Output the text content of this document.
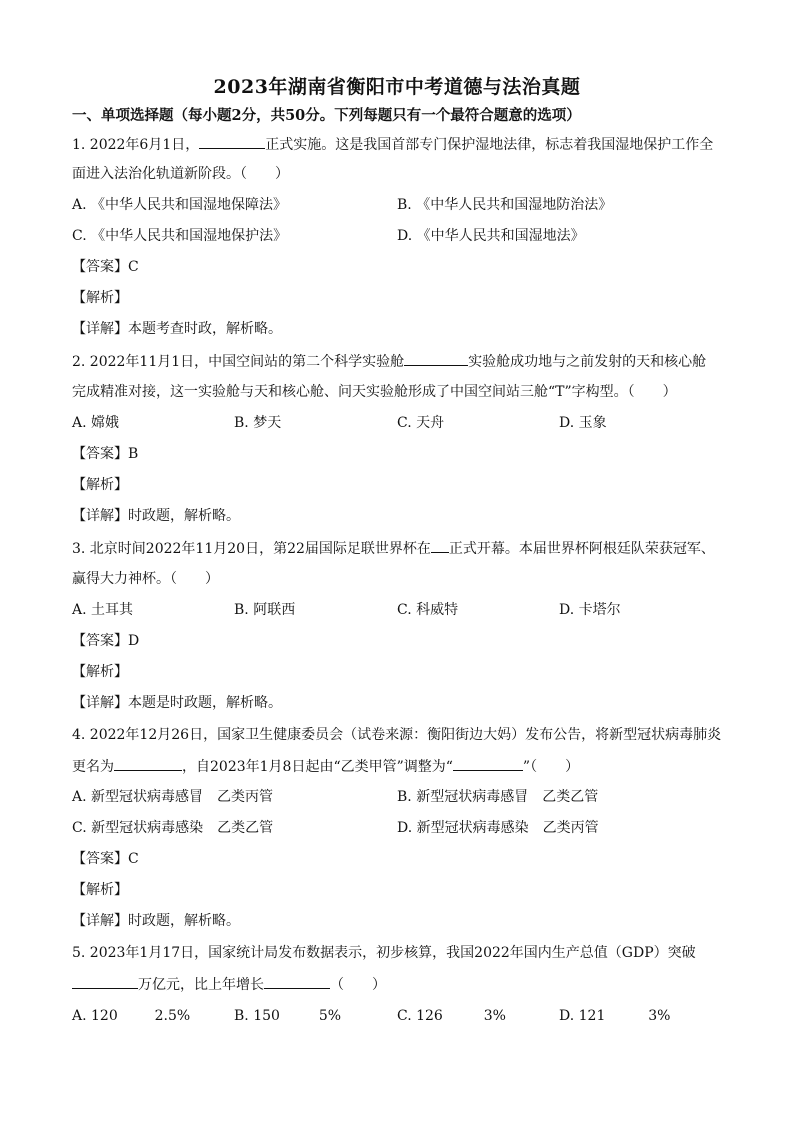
2023年湖南省衡阳市中考道德与法治真题
一、单项选择题（每小题2分，共50分。下列每题只有一个最符合题意的选项）
1. 2022年6月1日，	正式实施。这是我国首部专门保护湿地法律，标志着我国湿地保护工作全
面进入法治化轨道新阶段。（　　）
A. 《中华人民共和国湿地保障法》	B. 《中华人民共和国湿地防治法》
C. 《中华人民共和国湿地保护法》	D. 《中华人民共和国湿地法》
【答案】C
【解析】
【详解】本题考查时政，解析略。
2. 2022年11月1日，中国空间站的第二个科学实验舱	实验舱成功地与之前发射的天和核心舱
完成精准对接，这一实验舱与天和核心舱、问天实验舱形成了中国空间站三舱“T”字构型。（　　）
A. 嫦娥	B. 梦天	C. 天舟	D. 玉象
【答案】B
【解析】
【详解】时政题，解析略。
3. 北京时间2022年11月20日，第22届国际足联世界杯在 正式开幕。本届世界杯阿根廷队荣获冠军、
赢得大力神杯。（　　）
A. 土耳其	B. 阿联西	C. 科威特	D. 卡塔尔
【答案】D
【解析】
【详解】本题是时政题，解析略。
4. 2022年12月26日，国家卫生健康委员会（试卷来源：衡阳街边大妈）发布公告，将新型冠状病毒肺炎
更名为	，自2023年1月8日起由“乙类甲管”调整为“	”（　　）
A. 新型冠状病毒感冒　乙类丙管	B. 新型冠状病毒感冒　乙类乙管
C. 新型冠状病毒感染　乙类乙管	D. 新型冠状病毒感染　乙类丙管
【答案】C
【解析】
【详解】时政题，解析略。
5. 2023年1月17日，国家统计局发布数据表示，初步核算，我国2022年国内生产总值（GDP）突破
万亿元，比上年增长	（　　）
A. 120	2.5%	B. 150	5%	C. 126	3%	D. 121	3%
